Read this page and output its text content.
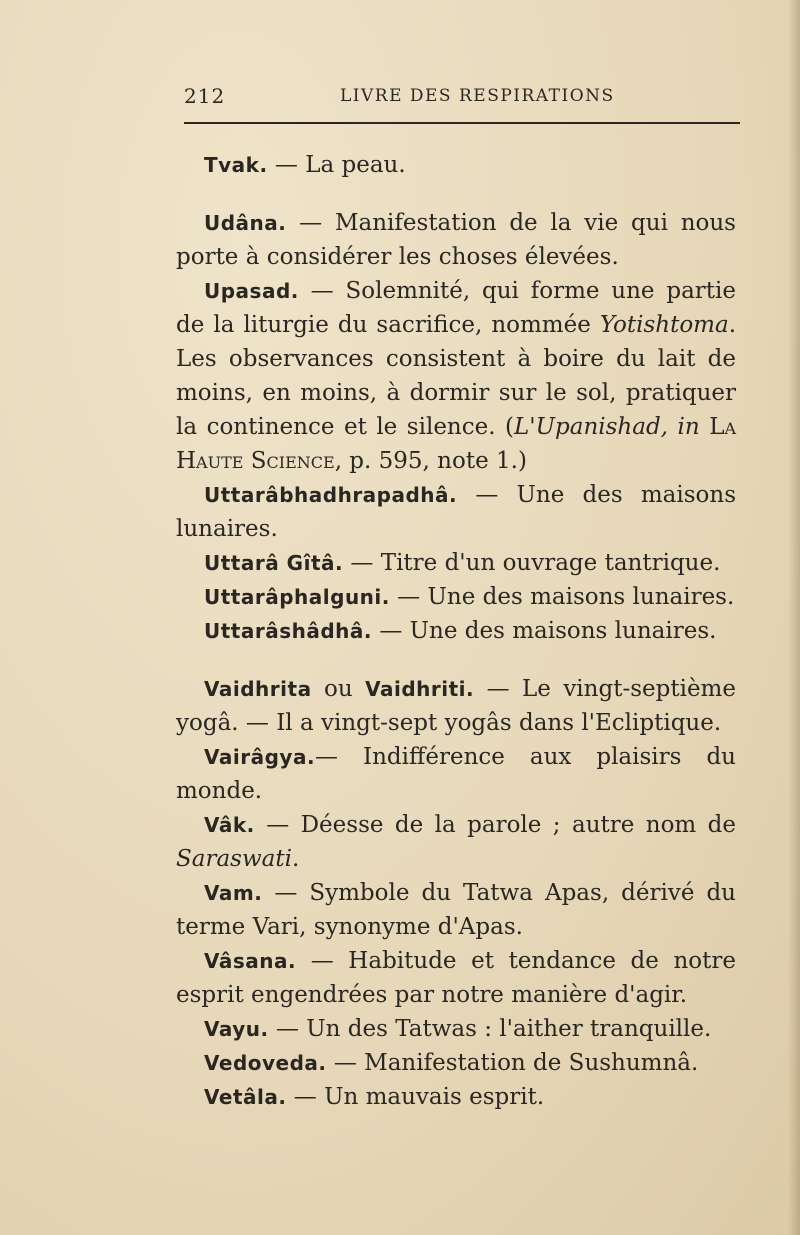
212	LIVRE DES RESPIRATIONS

Tvak. — La peau.

Udâna. — Manifestation de la vie qui nous porte à considérer les choses élevées.

Upasad. — Solemnité, qui forme une partie de la liturgie du sacrifice, nommée Yotishtoma. Les observances consistent à boire du lait de moins, en moins, à dormir sur le sol, pratiquer la continence et le silence. (L'Upanishad, in La Haute Science, p. 595, note 1.)

Uttarâbhadhrapadhâ. — Une des maisons lunaires.

Uttarâ Gîtâ. — Titre d'un ouvrage tantrique.

Uttarâphalguni. — Une des maisons lunaires.

Uttarâshâdhâ. — Une des maisons lunaires.

Vaidhrita ou Vaidhriti. — Le vingt-septième yogâ. — Il a vingt-sept yogâs dans l'Ecliptique.

Vairâgya.— Indifférence aux plaisirs du monde.

Vâk. — Déesse de la parole ; autre nom de Saraswati.

Vam. — Symbole du Tatwa Apas, dérivé du terme Vari, synonyme d'Apas.

Vâsana. — Habitude et tendance de notre esprit engendrées par notre manière d'agir.

Vayu. — Un des Tatwas : l'aither tranquille.

Vedoveda. — Manifestation de Sushumnâ.

Vetâla. — Un mauvais esprit.
